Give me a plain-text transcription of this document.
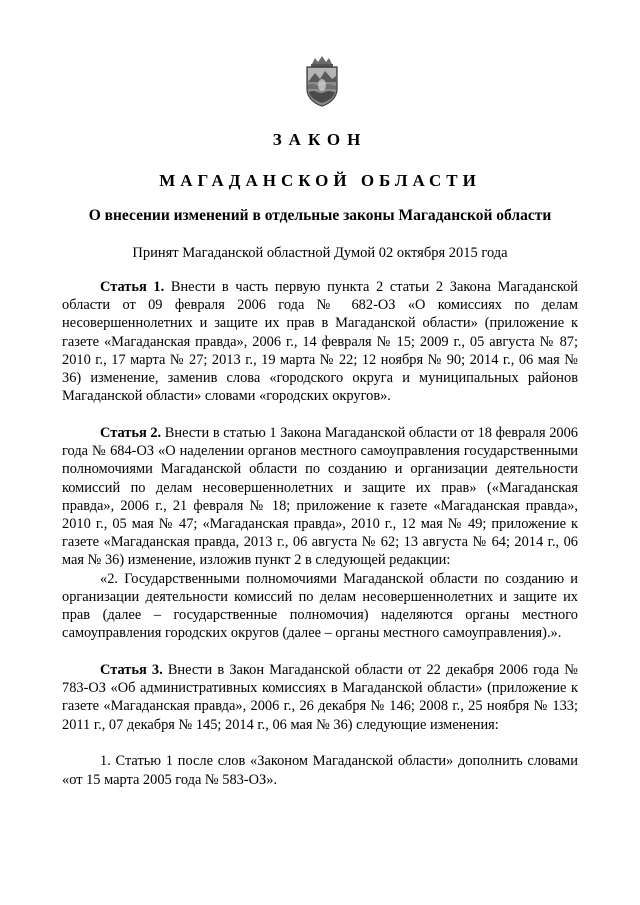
ЗАКОН
МАГАДАНСКОЙ ОБЛАСТИ
О внесении изменений в отдельные законы Магаданской области
Принят Магаданской областной Думой 02 октября 2015 года

Статья 1. Внести в часть первую пункта 2 статьи 2 Закона Магаданской области от 09 февраля 2006 года № 682-ОЗ «О комиссиях по делам несовершеннолетних и защите их прав в Магаданской области» (приложение к газете «Магаданская правда», 2006 г., 14 февраля № 15; 2009 г., 05 августа № 87; 2010 г., 17 марта № 27; 2013 г., 19 марта № 22; 12 ноября № 90; 2014 г., 06 мая № 36) изменение, заменив слова «городского округа и муниципальных районов Магаданской области» словами «городских округов».

Статья 2. Внести в статью 1 Закона Магаданской области от 18 февраля 2006 года № 684-ОЗ «О наделении органов местного самоуправления государственными полномочиями Магаданской области по созданию и организации деятельности комиссий по делам несовершеннолетних и защите их прав» («Магаданская правда», 2006 г., 21 февраля № 18; приложение к газете «Магаданская правда», 2010 г., 05 мая № 47; «Магаданская правда», 2010 г., 12 мая № 49; приложение к газете «Магаданская правда, 2013 г., 06 августа № 62; 13 августа № 64; 2014 г., 06 мая № 36) изменение, изложив пункт 2 в следующей редакции:

«2. Государственными полномочиями Магаданской области по созданию и организации деятельности комиссий по делам несовершеннолетних и защите их прав (далее – государственные полномочия) наделяются органы местного самоуправления городских округов (далее – органы местного самоуправления).».

Статья 3. Внести в Закон Магаданской области от 22 декабря 2006 года № 783-ОЗ «Об административных комиссиях в Магаданской области» (приложение к газете «Магаданская правда», 2006 г., 26 декабря № 146; 2008 г., 25 ноября № 133; 2011 г., 07 декабря № 145; 2014 г., 06 мая № 36) следующие изменения:

1. Статью 1 после слов «Законом Магаданской области» дополнить словами «от 15 марта 2005 года № 583-ОЗ».
